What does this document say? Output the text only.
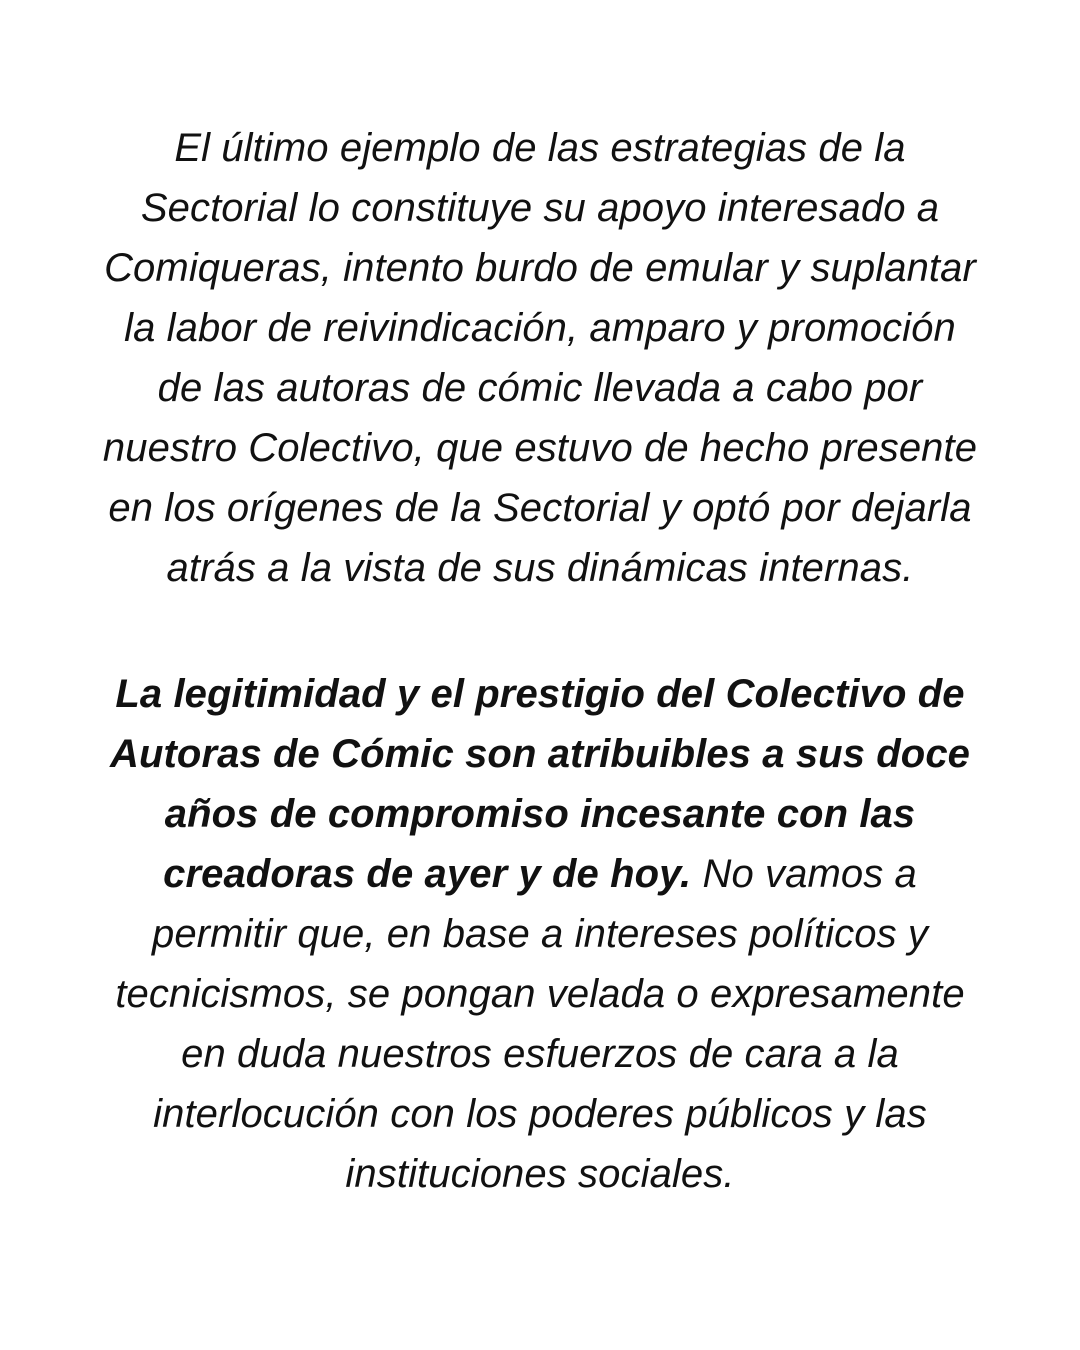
El último ejemplo de las estrategias de la Sectorial lo constituye su apoyo interesado a Comiqueras, intento burdo de emular y suplantar la labor de reivindicación, amparo y promoción de las autoras de cómic llevada a cabo por nuestro Colectivo, que estuvo de hecho presente en los orígenes de la Sectorial y optó por dejarla atrás a la vista de sus dinámicas internas.

La legitimidad y el prestigio del Colectivo de Autoras de Cómic son atribuibles a sus doce años de compromiso incesante con las creadoras de ayer y de hoy. No vamos a permitir que, en base a intereses políticos y tecnicismos, se pongan velada o expresamente en duda nuestros esfuerzos de cara a la interlocución con los poderes públicos y las instituciones sociales.
